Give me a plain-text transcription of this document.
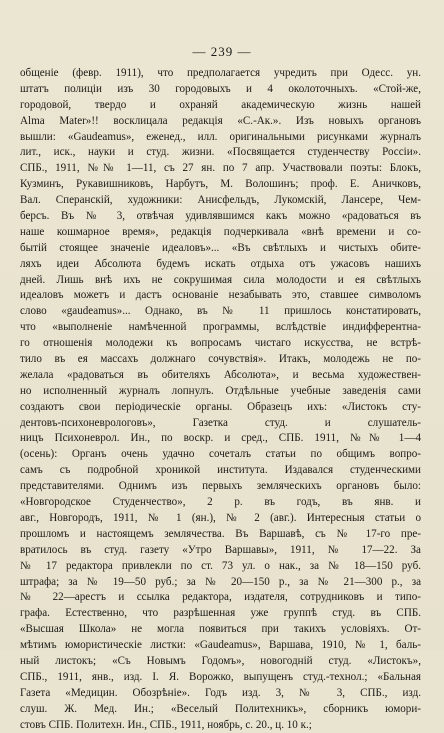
— 239 —
общеніе (февр. 1911), что предполагается учредить при Одесс. ун.
штатъ полиціи изъ 30 городовыхъ и 4 околоточныхъ. «Стой-же,
городовой, твердо и охраняй академическую жизнь нашей
Alma Mater»!! восклицала редакція «С.-Ак.». Изъ новыхъ органовъ
вышли: «Gaudeamus», еженед., илл. оригинальными рисунками журналъ
лит., иск., науки и студ. жизни. «Посвящается студенчеству Россіи».
СПБ., 1911, №№ 1—11, съ 27 ян. по 7 апр. Участвовали поэты: Блокъ,
Кузминъ, Рукавишниковъ, Нарбутъ, М. Волошинъ; проф. Е. Аничковъ,
Вал. Сперанскій, художники: Анисфельдъ, Лукомскій, Лансере, Чем-
берсъ. Въ № 3, отвѣчая удивлявшимся какъ можно «радоваться въ
наше кошмарное время», редакція подчеркивала «внѣ времени и со-
бытій стоящее значеніе идеаловъ»... «Въ свѣтлыхъ и чистыхъ обите-
ляхъ идеи Абсолюта будемъ искать отдыха отъ ужасовъ нашихъ
дней. Лишь внѣ ихъ не сокрушимая сила молодости и ея свѣтлыхъ
идеаловъ можетъ и дастъ основаніе незабывать это, ставшее символомъ
слово «gaudeamus»... Однако, въ № 11 пришлось констатировать,
что «выполненіе намѣченной программы, вслѣдствіе индифферентна-
го отношенія молодежи къ вопросамъ чистаго искусства, не встрѣ-
тило въ ея массахъ должнаго сочувствія». Итакъ, молодежь не по-
желала «радоваться въ обителяхъ Абсолюта», и весьма художествен-
но исполненный журналъ лопнулъ. Отдѣльные учебные заведенія сами
создаютъ свои періодическіе органы. Образецъ ихъ: «Листокъ сту-
дентовъ-психоневрологовъ», Газетка студ. и слушатель-
ницъ Психоневрол. Ин., по воскр. и сред., СПБ. 1911, №№ 1—4
(осень): Органъ очень удачно сочеталъ статьи по общимъ вопро-
самъ съ подробной хроникой института. Издавался студенческими
представителями. Однимъ изъ первыхъ земляческихъ органовъ было:
«Новгородское Студенчество», 2 р. въ годъ, въ янв. и
авг., Новгородъ, 1911, № 1 (ян.), № 2 (авг.). Интересныя статьи о
прошломъ и настоящемъ землячества. Въ Варшавѣ, съ № 17-го пре-
вратилось въ студ. газету «Утро Варшавы», 1911, № 17—22. За
№ 17 редактора привлекли по ст. 73 ул. о нак., за № 18—150 руб.
штрафа; за № 19—50 руб.; за № 20—150 р., за № 21—300 р., за
№ 22—арестъ и ссылка редактора, издателя, сотрудниковъ и типо-
графа. Естественно, что разрѣшенная уже группѣ студ. въ СПБ.
«Высшая Школа» не могла появиться при такихъ условіяхъ. От-
мѣтимъ юмористическіе листки: «Gaudeamus», Варшава, 1910, № 1, баль-
ный листокъ; «Съ Новымъ Годомъ», новогодній студ. «Листокъ»,
СПБ., 1911, янв., изд. І. Я. Ворожко, выпущенъ студ.-технол.; «Бальная
Газета «Медицин. Обозрѣніе». Годъ изд. 3, № 3, СПБ., изд.
слуш. Ж. Мед. Ин.; «Веселый Политехникъ», сборникъ юмори-
стовъ СПБ. Политехн. Ин., СПБ., 1911, ноябрь, с. 20., ц. 10 к.;
